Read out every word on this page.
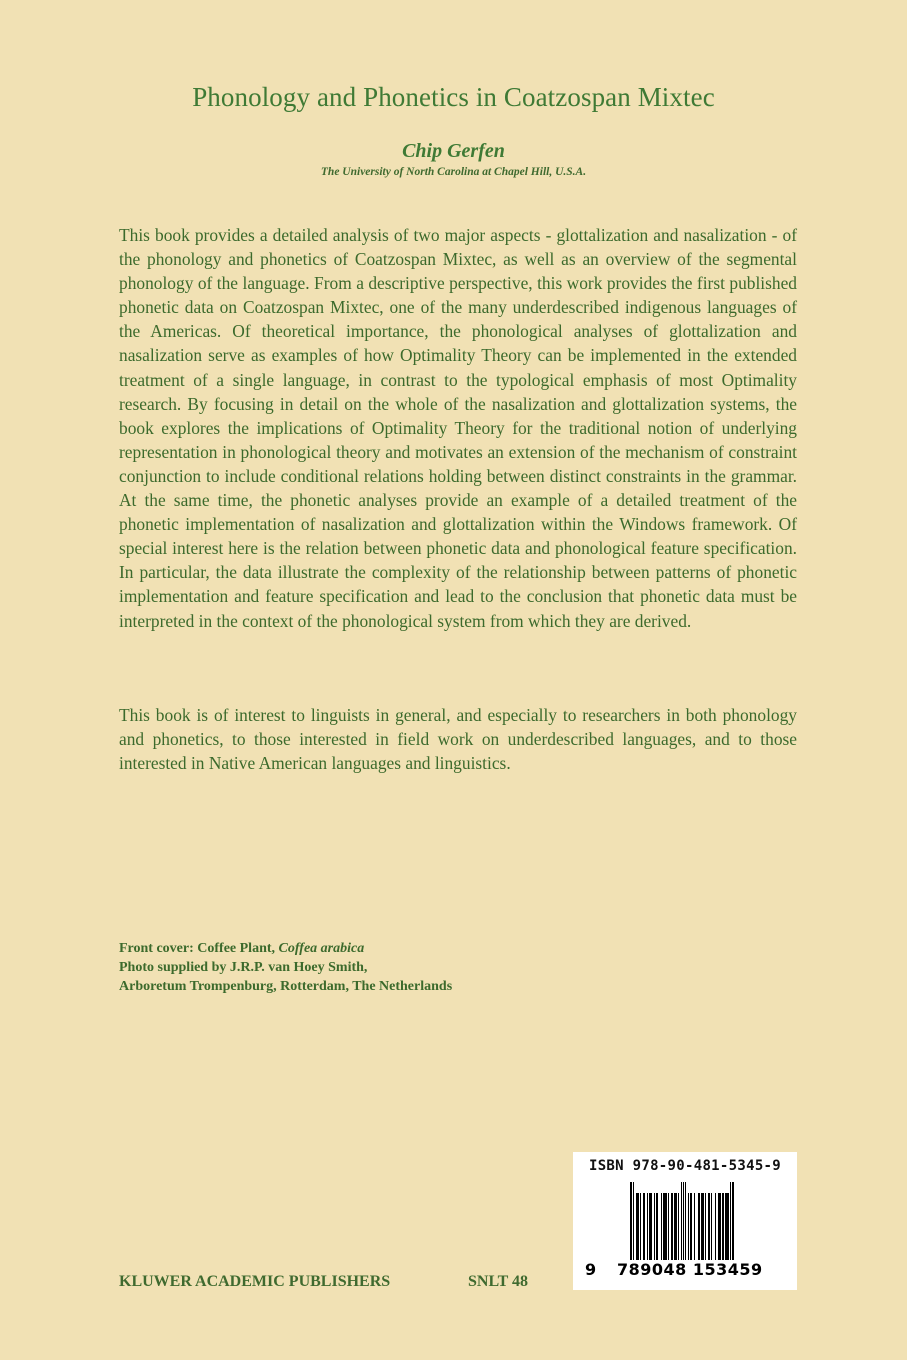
Phonology and Phonetics in Coatzospan Mixtec
Chip Gerfen
The University of North Carolina at Chapel Hill, U.S.A.

This book provides a detailed analysis of two major aspects - glottalization and nasalization - of the phonology and phonetics of Coatzospan Mixtec, as well as an overview of the segmental phonology of the language. From a descriptive perspective, this work provides the first published phonetic data on Coatzospan Mixtec, one of the many underdescribed indigenous languages of the Americas. Of theoretical importance, the phonological analyses of glottalization and nasalization serve as examples of how Optimality Theory can be implemented in the extended treatment of a single language, in contrast to the typological emphasis of most Optimality research. By focusing in detail on the whole of the nasalization and glottalization systems, the book explores the implications of Optimality Theory for the traditional notion of underlying representation in phonological theory and motivates an extension of the mechanism of constraint conjunction to include conditional relations holding between distinct constraints in the grammar. At the same time, the phonetic analyses provide an example of a detailed treatment of the phonetic implementation of nasalization and glottalization within the Windows framework. Of special interest here is the relation between phonetic data and phonological feature specification. In particular, the data illustrate the complexity of the relationship between patterns of phonetic implementation and feature specification and lead to the conclusion that phonetic data must be interpreted in the context of the phonological system from which they are derived.

This book is of interest to linguists in general, and especially to researchers in both phonology and phonetics, to those interested in field work on underdescribed languages, and to those interested in Native American languages and linguistics.

Front cover: Coffee Plant, Coffea arabica
Photo supplied by J.R.P. van Hoey Smith,
Arboretum Trompenburg, Rotterdam, The Netherlands
ISBN 978-90-481-5345-9
9 789048 153459
KLUWER ACADEMIC PUBLISHERS	SNLT 48
